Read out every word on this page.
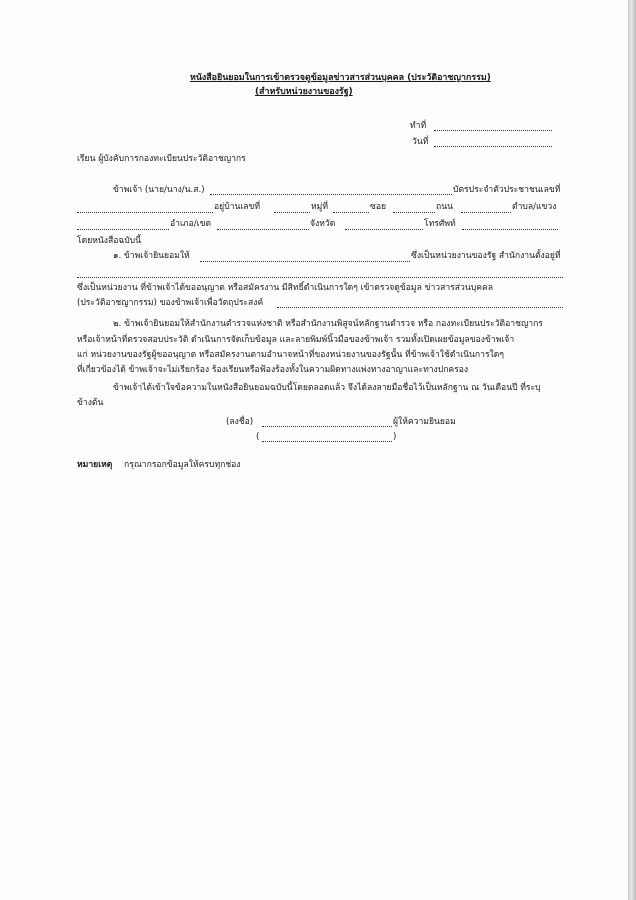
หนังสือยินยอมในการเข้าตรวจดูข้อมูลข่าวสารส่วนบุคคล (ประวัติอาชญากรรม)
(สำหรับหน่วยงานของรัฐ)
ทำที่
วันที่
เรียน ผู้บังคับการกองทะเบียนประวัติอาชญากร
ข้าพเจ้า (นาย/นาง/น.ส.)	บัตรประจำตัวประชาชนเลขที่
อยู่บ้านเลขที่	หมู่ที่	ซอย	ถนน	ตำบล/แขวง
อำเภอ/เขต	จังหวัด	โทรศัพท์
โดยหนังสือฉบับนี้
๑. ข้าพเจ้ายินยอมให้	ซึ่งเป็นหน่วยงานของรัฐ สำนักงานตั้งอยู่ที่
ซึ่งเป็นหน่วยงาน ที่ข้าพเจ้าได้ขออนุญาต หรือสมัครงาน มีสิทธิ์ดำเนินการใดๆ เข้าตรวจดูข้อมูล ข่าวสารส่วนบุคคล
(ประวัติอาชญากรรม) ของข้าพเจ้าเพื่อวัตถุประสงค์
๒. ข้าพเจ้ายินยอมให้สำนักงานตำรวจแห่งชาติ หรือสำนักงานพิสูจน์หลักฐานตำรวจ หรือ กองทะเบียนประวัติอาชญากร
หรือเจ้าหน้าที่ตรวจสอบประวัติ ดำเนินการจัดเก็บข้อมูล และลายพิมพ์นิ้วมือของข้าพเจ้า รวมทั้งเปิดเผยข้อมูลของข้าพเจ้า
แก่ หน่วยงานของรัฐผู้ขออนุญาต หรือสมัครงานตามอำนาจหน้าที่ของหน่วยงานของรัฐนั้น ที่ข้าพเจ้าใช้ดำเนินการใดๆ
ที่เกี่ยวข้องได้ ข้าพเจ้าจะไม่เรียกร้อง ร้องเรียนหรือฟ้องร้องทั้งในความผิดทางแพ่งทางอาญาและทางปกครอง
ข้าพเจ้าได้เข้าใจข้อความในหนังสือยินยอมฉบับนี้โดยตลอดแล้ว จึงได้ลงลายมือชื่อไว้เป็นหลักฐาน ณ วันเดือนปี ที่ระบุ
ข้างต้น
(ลงชื่อ)	ผู้ให้ความยินยอม
(	)
หมายเหตุ กรุณากรอกข้อมูลให้ครบทุกช่อง
